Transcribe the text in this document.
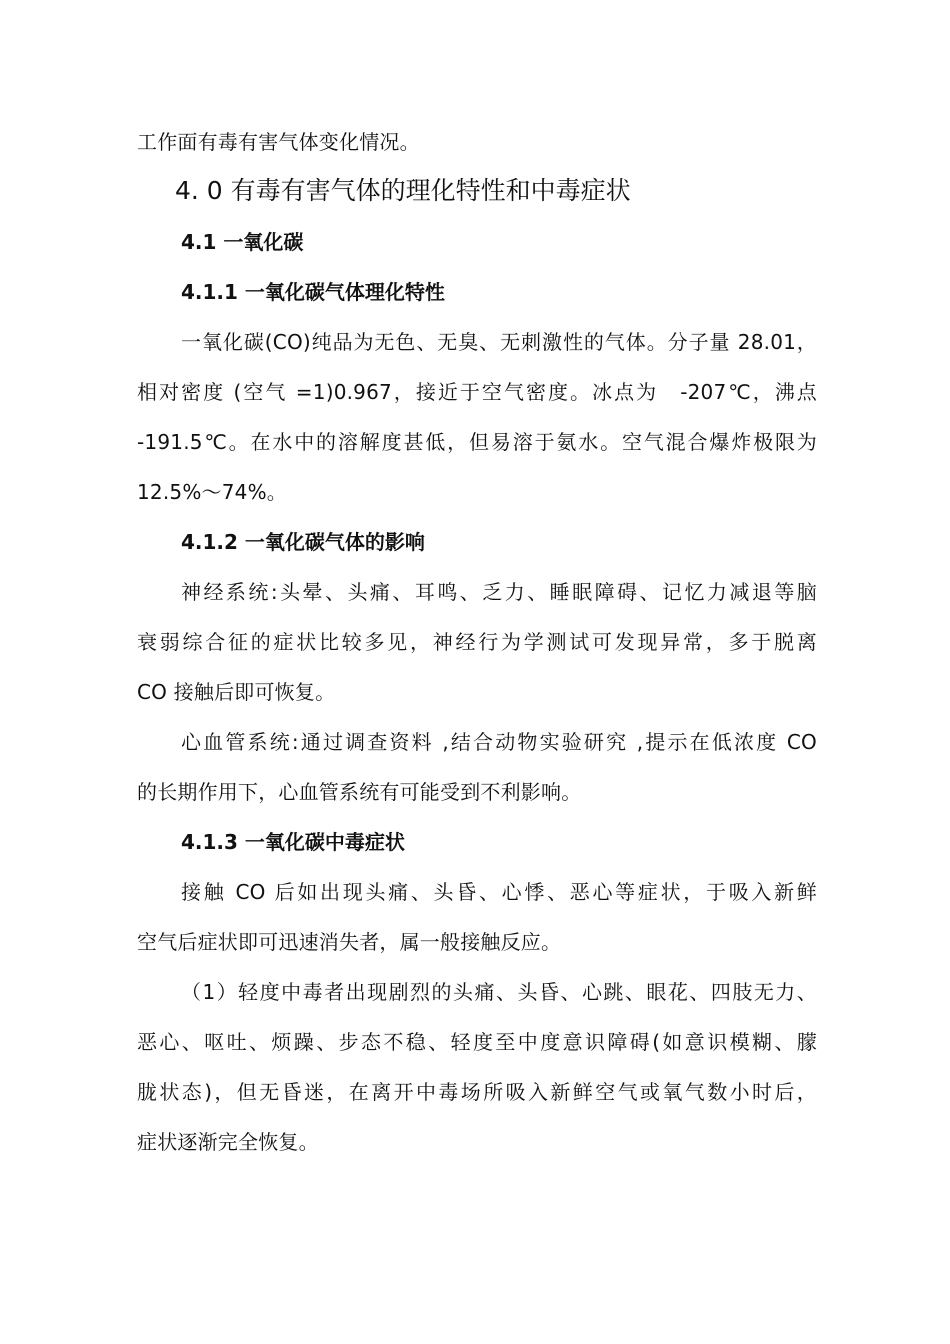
工作面有毒有害气体变化情况。
4. 0 有毒有害气体的理化特性和中毒症状
4.1 一氧化碳
4.1.1 一氧化碳气体理化特性
一氧化碳(CO)纯品为无色、无臭、无刺激性的气体。分子量 28.01，
相对密度 (空气 =1)0.967，接近于空气密度。冰点为　-207℃，沸点
-191.5℃。在水中的溶解度甚低，但易溶于氨水。空气混合爆炸极限为
12.5%～74%。
4.1.2 一氧化碳气体的影响
神经系统:头晕、头痛、耳鸣、乏力、睡眠障碍、记忆力减退等脑
衰弱综合征的症状比较多见，神经行为学测试可发现异常，多于脱离
CO 接触后即可恢复。
心血管系统:通过调查资料 ,结合动物实验研究 ,提示在低浓度 CO
的长期作用下，心血管系统有可能受到不利影响。
4.1.3 一氧化碳中毒症状
接触 CO 后如出现头痛、头昏、心悸、恶心等症状，于吸入新鲜
空气后症状即可迅速消失者，属一般接触反应。
（1）轻度中毒者出现剧烈的头痛、头昏、心跳、眼花、四肢无力、
恶心、呕吐、烦躁、步态不稳、轻度至中度意识障碍(如意识模糊、朦
胧状态)，但无昏迷，在离开中毒场所吸入新鲜空气或氧气数小时后，
症状逐渐完全恢复。
